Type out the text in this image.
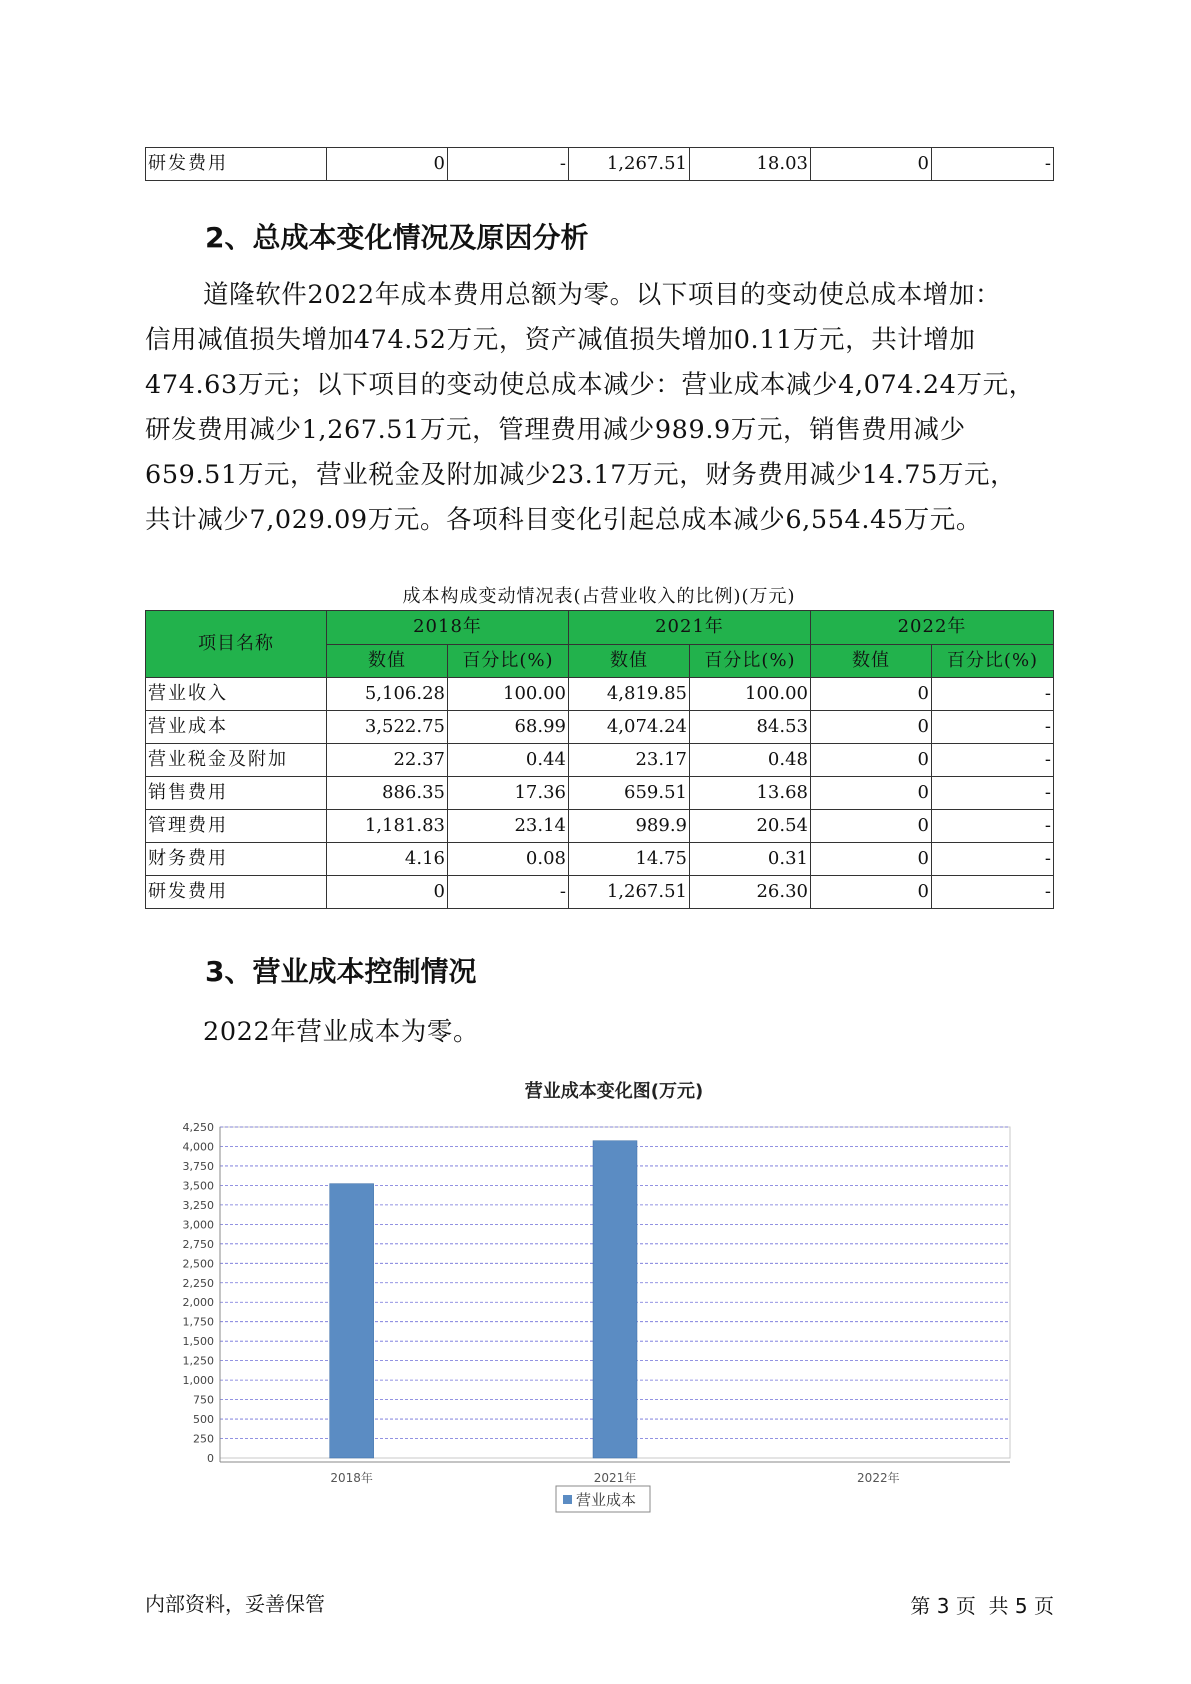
研发费用	0	-	1,267.51	18.03	0	-
2、总成本变化情况及原因分析
道隆软件2022年成本费用总额为零。以下项目的变动使总成本增加：
信用减值损失增加474.52万元，资产减值损失增加0.11万元，共计增加
474.63万元；以下项目的变动使总成本减少：营业成本减少4,074.24万元，
研发费用减少1,267.51万元，管理费用减少989.9万元，销售费用减少
659.51万元，营业税金及附加减少23.17万元，财务费用减少14.75万元，
共计减少7,029.09万元。各项科目变化引起总成本减少6,554.45万元。
成本构成变动情况表(占营业收入的比例)(万元)
项目名称	2018年		2021年		2022年	
	数值	百分比(%)	数值	百分比(%)	数值	百分比(%)
营业收入	5,106.28	100.00	4,819.85	100.00	0	-
营业成本	3,522.75	68.99	4,074.24	84.53	0	-
营业税金及附加	22.37	0.44	23.17	0.48	0	-
销售费用	886.35	17.36	659.51	13.68	0	-
管理费用	1,181.83	23.14	989.9	20.54	0	-
财务费用	4.16	0.08	14.75	0.31	0	-
研发费用	0	-	1,267.51	26.30	0	-
3、营业成本控制情况
2022年营业成本为零。
营业成本变化图(万元)
0
250
500
750
1,000
1,250
1,500
1,750
2,000
2,250
2,500
2,750
3,000
3,250
3,500
3,750
4,000
4,250
2018年	2021年	2022年
营业成本
内部资料，妥善保管	第 3 页  共 5 页
